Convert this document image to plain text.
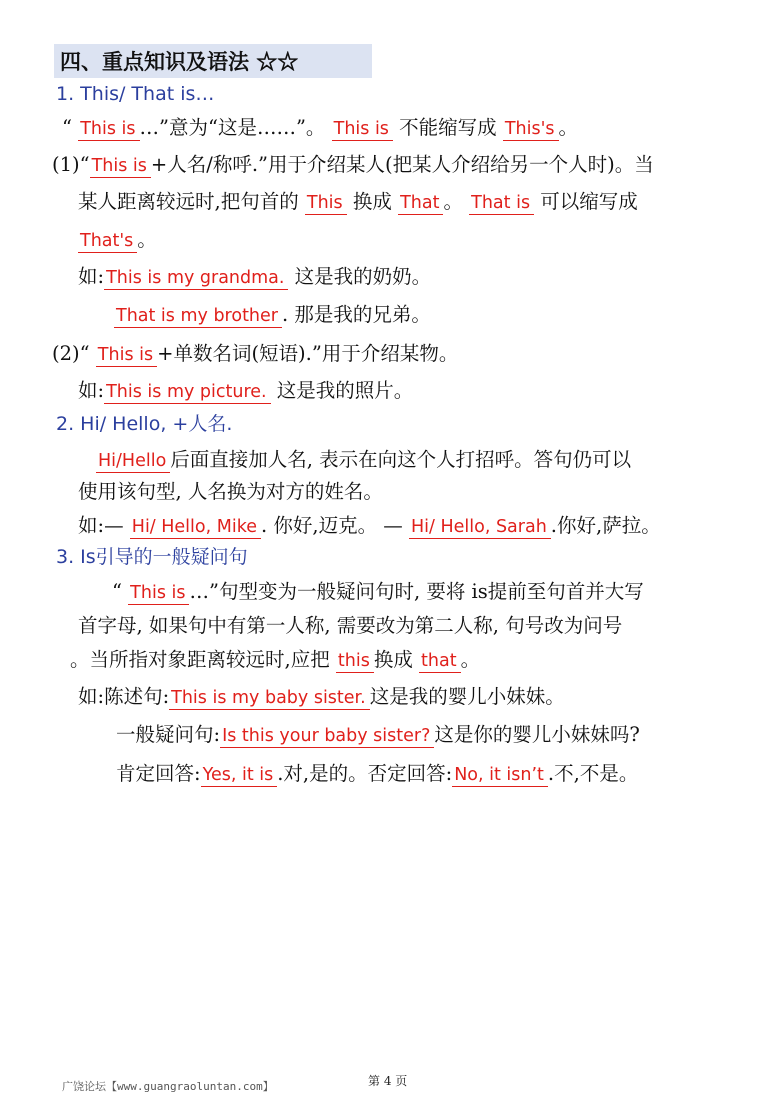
四、重点知识及语法 ☆☆
1. This/ That is…
“ This is …”意为“这是……”。 This is 不能缩写成 This's 。
(1)“ This is +人名/称呼.”用于介绍某人(把某人介绍给另一个人时)。当
某人距离较远时,把句首的 This 换成 That 。 That is 可以缩写成
That's 。
如: This is my grandma. 这是我的奶奶。
That is my brother . 那是我的兄弟。
(2)“ This is +单数名词(短语).”用于介绍某物。
如: This is my picture. 这是我的照片。
2. Hi/ Hello, +人名.
Hi/Hello 后面直接加人名, 表示在向这个人打招呼。答句仍可以
使用该句型, 人名换为对方的姓名。
如:— Hi/ Hello, Mike . 你好,迈克。 — Hi/ Hello, Sarah .你好,萨拉。
3. Is引导的一般疑问句
“ This is …”句型变为一般疑问句时, 要将 is提前至句首并大写
首字母, 如果句中有第一人称, 需要改为第二人称, 句号改为问号
。当所指对象距离较远时,应把 this 换成 that 。
如:陈述句: This is my baby sister.这是我的婴儿小妹妹。
一般疑问句: Is this your baby sister?这是你的婴儿小妹妹吗?
肯定回答: Yes, it is .对,是的。否定回答: No, it isn’t .不,不是。
广饶论坛【www.guangraoluntan.com】	第 4 页
